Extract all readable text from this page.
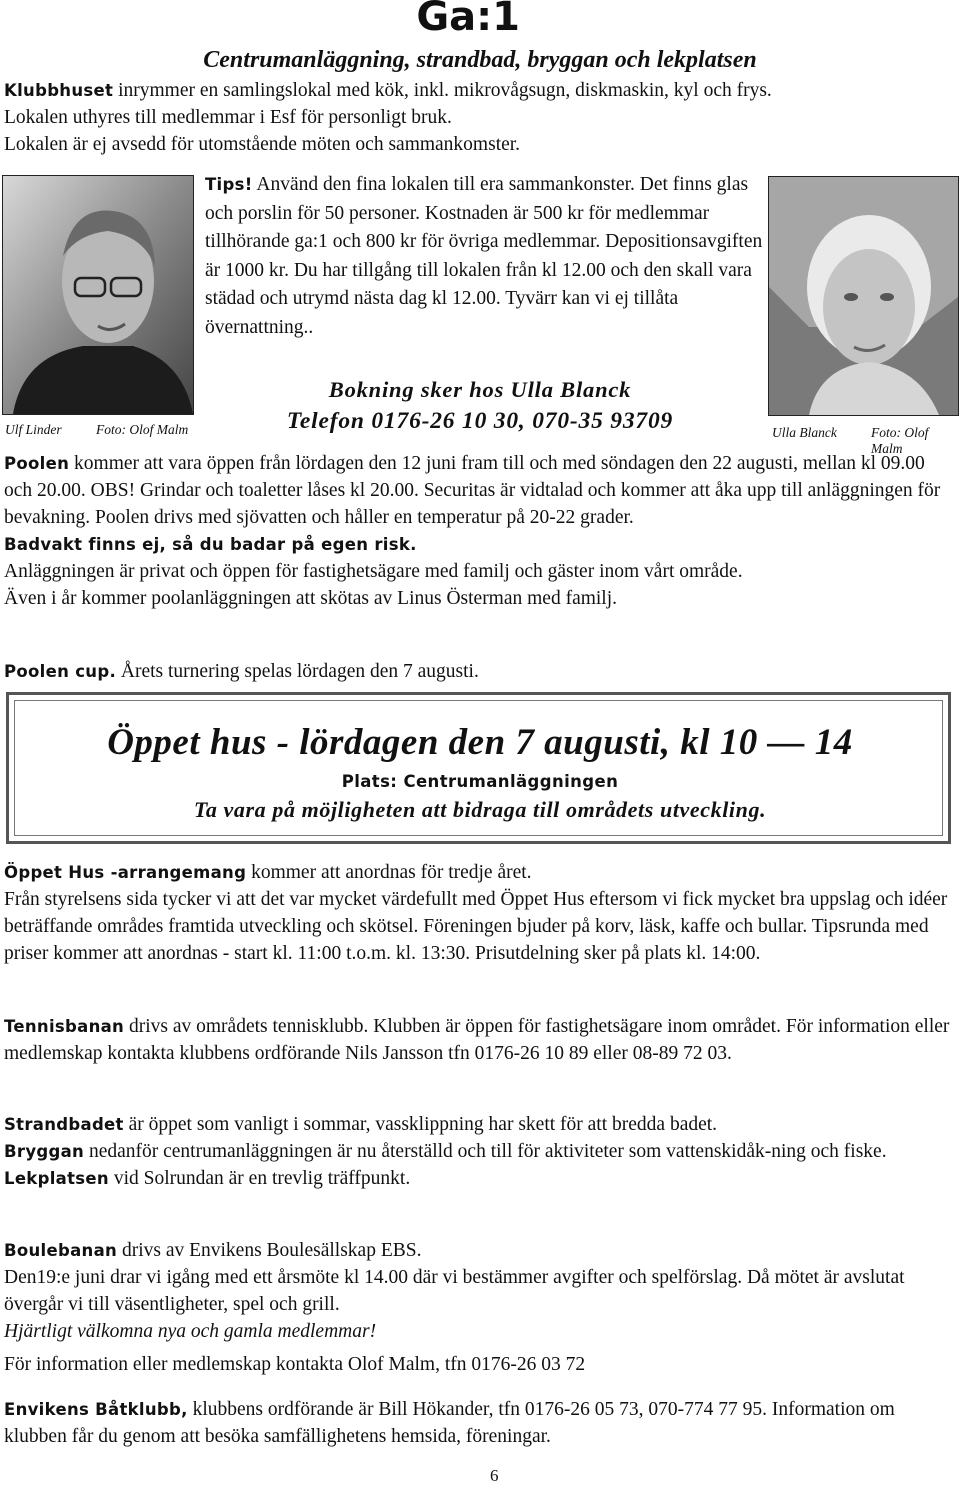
Ga:1

Centrumanläggning, strandbad, bryggan och lekplatsen

Klubbhuset inrymmer en samlingslokal med kök, inkl. mikrovågsugn, diskmaskin, kyl och frys.
Lokalen uthyres till medlemmar i Esf för personligt bruk.
Lokalen är ej avsedd för utomstående möten och sammankomster.

Ulf Linder	Foto: Olof Malm

Tips! Använd den fina lokalen till era sammankonster. Det finns glas och porslin för 50 personer. Kostnaden är 500 kr för medlemmar tillhörande ga:1 och 800 kr för övriga medlemmar. Depositionsavgiften är 1000 kr. Du har tillgång till lokalen från kl 12.00 och den skall vara städad och utrymd nästa dag kl 12.00. Tyvärr kan vi ej tillåta övernattning..

Bokning sker hos Ulla Blanck
Telefon 0176-26 10 30, 070-35 93709	Ulla Blanck	Foto: Olof Malm

Poolen kommer att vara öppen från lördagen den 12 juni fram till och med söndagen den 22 augusti, mellan kl 09.00 och 20.00. OBS! Grindar och toaletter låses kl 20.00. Securitas är vidtalad och kommer att åka upp till anläggningen för bevakning. Poolen drivs med sjövatten och håller en temperatur på 20-22 grader.
Badvakt finns ej, så du badar på egen risk.
Anläggningen är privat och öppen för fastighetsägare med familj och gäster inom vårt område.
Även i år kommer poolanläggningen att skötas av Linus Österman med familj.

Poolen cup. Årets turnering spelas lördagen den 7 augusti.

Öppet hus - lördagen den 7 augusti, kl 10 — 14
Plats: Centrumanläggningen
Ta vara på möjligheten att bidraga till områdets utveckling.

Öppet Hus -arrangemang kommer att anordnas för tredje året.
Från styrelsens sida tycker vi att det var mycket värdefullt med Öppet Hus eftersom vi fick mycket bra uppslag och idéer beträffande områdes framtida utveckling och skötsel. Föreningen bjuder på korv, läsk, kaffe och bullar. Tipsrunda med priser kommer att anordnas - start kl. 11:00 t.o.m. kl. 13:30. Prisutdelning sker på plats kl. 14:00.

Tennisbanan drivs av områdets tennisklubb. Klubben är öppen för fastighetsägare inom området. För information eller medlemskap kontakta klubbens ordförande Nils Jansson tfn 0176-26 10 89 eller 08-89 72 03.

Strandbadet är öppet som vanligt i sommar, vassklippning har skett för att bredda badet.
Bryggan nedanför centrumanläggningen är nu återställd och till för aktiviteter som vattenskidåk-ning och fiske.
Lekplatsen vid Solrundan är en trevlig träffpunkt.

Boulebanan drivs av Envikens Boulesällskap EBS.
Den19:e juni drar vi igång med ett årsmöte kl 14.00 där vi bestämmer avgifter och spelförslag. Då mötet är avslutat övergår vi till väsentligheter, spel och grill.
Hjärtligt välkomna nya och gamla medlemmar!

För information eller medlemskap kontakta Olof Malm, tfn 0176-26 03 72

Envikens Båtklubb, klubbens ordförande är Bill Hökander, tfn 0176-26 05 73, 070-774 77 95. Information om klubben får du genom att besöka samfällighetens hemsida, föreningar.

6
